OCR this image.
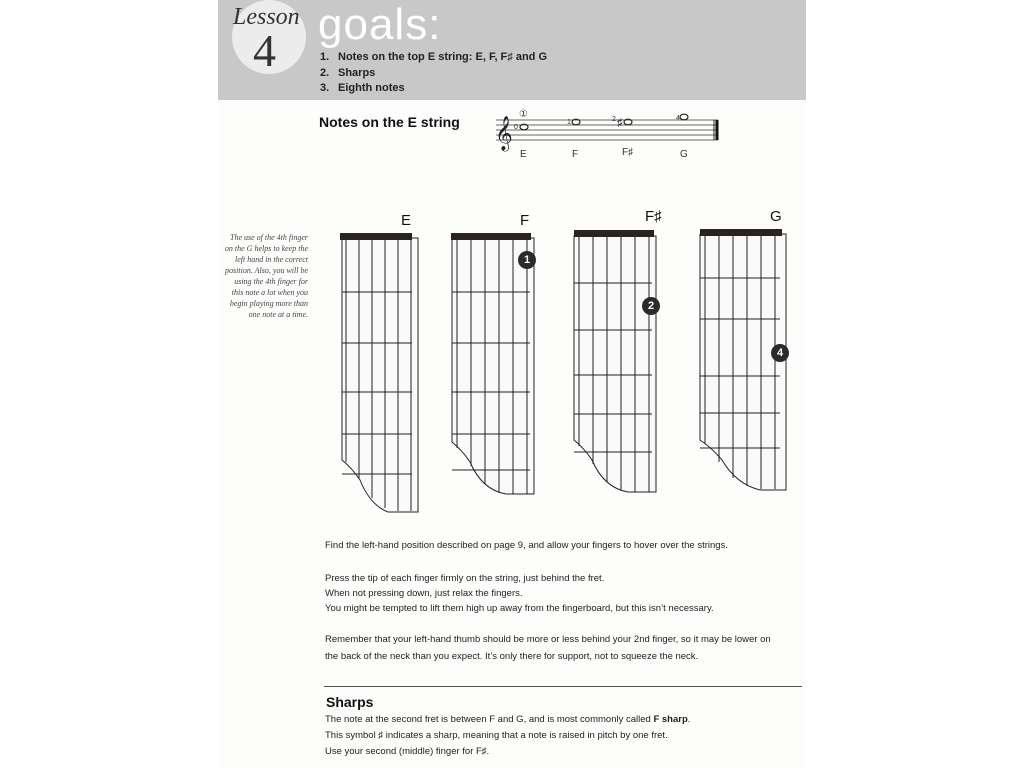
Lesson
4
goals:
1. Notes on the top E string: E, F, F♯ and G
2. Sharps
3. Eighth notes
Notes on the E string 𝄞	♯
0
1	2	4
①
E	F	F♯	G
E	F	F♯	G
1
2
4
The use of the 4th finger on the G helps to keep the left hand in the correct position. Also, you will be using the 4th finger for this note a lot when you begin playing more than one note at a time.
Find the left-hand position described on page 9, and allow your fingers to hover over the strings.
Press the tip of each finger firmly on the string, just behind the fret.
When not pressing down, just relax the fingers.
You might be tempted to lift them high up away from the fingerboard, but this isn’t necessary.
Remember that your left-hand thumb should be more or less behind your 2nd finger, so it may be lower on
the back of the neck than you expect. It’s only there for support, not to squeeze the neck.
Sharps
The note at the second fret is between F and G, and is most commonly called F sharp.
This symbol ♯ indicates a sharp, meaning that a note is raised in pitch by one fret.
Use your second (middle) finger for F♯.
